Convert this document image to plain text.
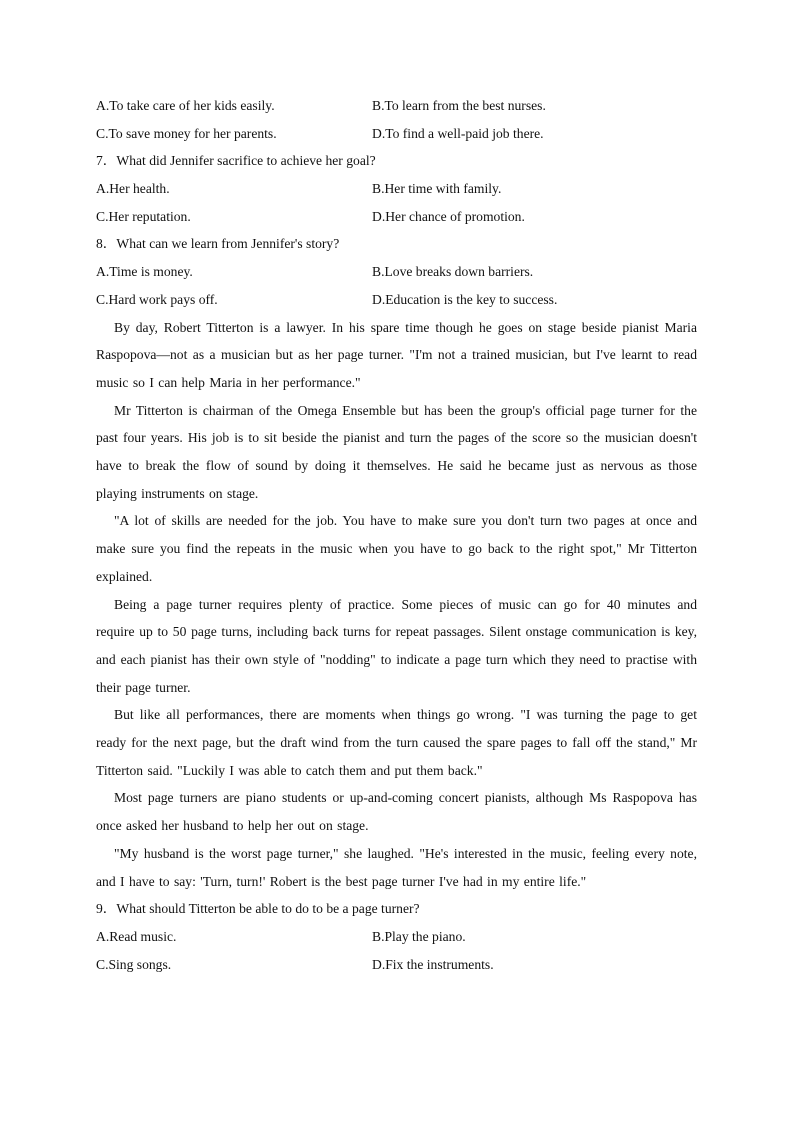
A.To take care of her kids easily.	B.To learn from the best nurses.
C.To save money for her parents.	D.To find a well-paid job there.
7．What did Jennifer sacrifice to achieve her goal?
A.Her health.	B.Her time with family.
C.Her reputation.	D.Her chance of promotion.
8．What can we learn from Jennifer's story?
A.Time is money.	B.Love breaks down barriers.
C.Hard work pays off.	D.Education is the key to success.

By day, Robert Titterton is a lawyer. In his spare time though he goes on stage beside pianist Maria Raspopova—not as a musician but as her page turner. "I'm not a trained musician, but I've learnt to read music so I can help Maria in her performance."

Mr Titterton is chairman of the Omega Ensemble but has been the group's official page turner for the past four years. His job is to sit beside the pianist and turn the pages of the score so the musician doesn't have to break the flow of sound by doing it themselves. He said he became just as nervous as those playing instruments on stage.

"A lot of skills are needed for the job. You have to make sure you don't turn two pages at once and make sure you find the repeats in the music when you have to go back to the right spot," Mr Titterton explained.

Being a page turner requires plenty of practice. Some pieces of music can go for 40 minutes and require up to 50 page turns, including back turns for repeat passages. Silent onstage communication is key, and each pianist has their own style of "nodding" to indicate a page turn which they need to practise with their page turner.

But like all performances, there are moments when things go wrong. "I was turning the page to get ready for the next page, but the draft wind from the turn caused the spare pages to fall off the stand," Mr Titterton said. "Luckily I was able to catch them and put them back."

Most page turners are piano students or up-and-coming concert pianists, although Ms Raspopova has once asked her husband to help her out on stage.

"My husband is the worst page turner," she laughed. "He's interested in the music, feeling every note, and I have to say: 'Turn, turn!' Robert is the best page turner I've had in my entire life."

9．What should Titterton be able to do to be a page turner?
A.Read music.	B.Play the piano.
C.Sing songs.	D.Fix the instruments.
